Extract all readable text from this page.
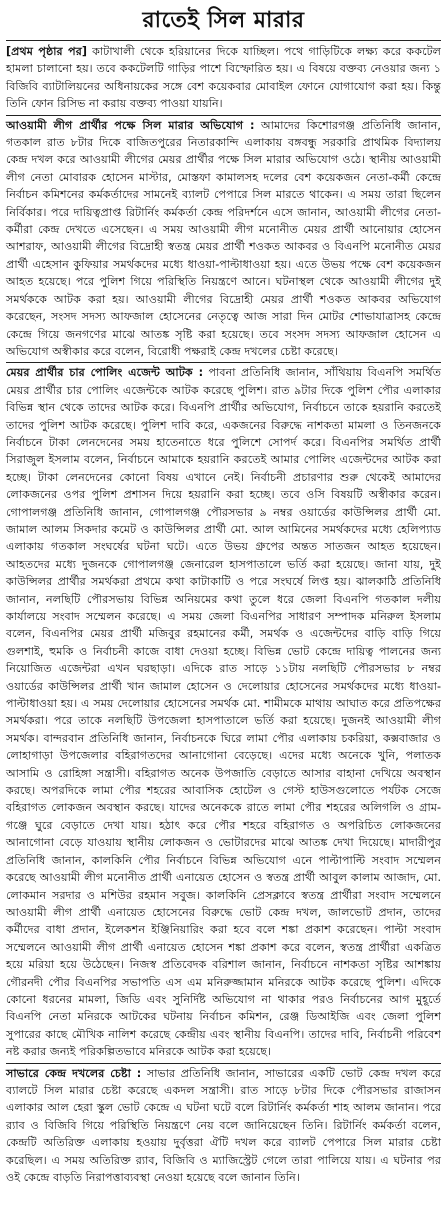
রাতেই সিল মারার

[প্রথম পৃষ্ঠার পর] কাটাখালী থেকে হরিয়ানের দিকে যাচ্ছিল। পথে গাড়িটিকে লক্ষ্য করে ককটেল হামলা চালানো হয়। তবে ককটেলটি গাড়ির পাশে বিস্ফোরিত হয়। এ বিষয়ে বক্তব্য নেওয়ার জন্য ১ বিজিবি ব্যাটালিয়নের অধিনায়কের সঙ্গে বেশ কয়েকবার মোবাইল ফোনে যোগাযোগ করা হয়। কিন্তু তিনি ফোন রিসিভ না করায় বক্তব্য পাওয়া যায়নি।

আওয়ামী লীগ প্রার্থীর পক্ষে সিল মারার অভিযোগ : আমাদের কিশোরগঞ্জ প্রতিনিধি জানান, গতকাল রাত ৮টার দিকে বাজিতপুরের নিতারকান্দি এলাকায় বঙ্গবন্ধু সরকারি প্রাথমিক বিদ্যালয় কেন্দ্র দখল করে আওয়ামী লীগের মেয়র প্রার্থীর পক্ষে সিল মারার অভিযোগ ওঠে। স্থানীয় আওয়ামী লীগ নেতা মোবারক হোসেন মাস্টার, মোস্তফা কামালসহ দলের বেশ কয়েকজন নেতা-কর্মী কেন্দ্রে নির্বাচন কমিশনের কর্মকর্তাদের সামনেই ব্যালট পেপারে সিল মারতে থাকেন। এ সময় তারা ছিলেন নির্বিকার। পরে দায়িত্বপ্রাপ্ত রিটার্নিং কর্মকর্তা কেন্দ্র পরিদর্শনে এসে জানান, আওয়ামী লীগের নেতা-কর্মীরা কেন্দ্র দেখতে এসেছেন। এ সময় আওয়ামী লীগ মনোনীত মেয়র প্রার্থী আনোয়ার হোসেন আশরাফ, আওয়ামী লীগের বিদ্রোহী স্বতন্ত্র মেয়র প্রার্থী শওকত আকবর ও বিএনপি মনোনীত মেয়র প্রার্থী এহেসান কুফিয়ার সমর্থকদের মধ্যে ধাওয়া-পাল্টাধাওয়া হয়। এতে উভয় পক্ষে বেশ কয়েকজন আহত হয়েছে। পরে পুলিশ গিয়ে পরিস্থিতি নিয়ন্ত্রণে আনে। ঘটনাস্থল থেকে আওয়ামী লীগের দুই সমর্থককে আটক করা হয়। আওয়ামী লীগের বিদ্রোহী মেয়র প্রার্থী শওকত আকবর অভিযোগ করেছেন, সংসদ সদস্য আফজাল হোসেনের নেতৃত্বে আজ সারা দিন মোটর শোভাযাত্রাসহ কেন্দ্রে কেন্দ্রে গিয়ে জনগণের মাঝে আতঙ্ক সৃষ্টি করা হয়েছে। তবে সংসদ সদস্য আফজাল হোসেন এ অভিযোগ অস্বীকার করে বলেন, বিরোধী পক্ষরাই কেন্দ্র দখলের চেষ্টা করেছে।

মেয়র প্রার্থীর চার পোলিং এজেন্ট আটক : পাবনা প্রতিনিধি জানান, সাঁথিয়ায় বিএনপি সমর্থিত মেয়র প্রার্থীর চার পোলিং এজেন্টকে আটক করেছে পুলিশ। রাত ৯টার দিকে পুলিশ পৌর এলাকার বিভিন্ন স্থান থেকে তাদের আটক করে। বিএনপি প্রার্থীর অভিযোগ, নির্বাচনে তাকে হয়রানি করতেই তাদের পুলিশ আটক করেছে। পুলিশ দাবি করে, একজনের বিরুদ্ধে নাশকতা মামলা ও তিনজনকে নির্বাচনে টাকা লেনদেনের সময় হাতেনাতে ধরে পুলিশে সোপর্দ করে। বিএনপির সমর্থিত প্রার্থী সিরাজুল ইসলাম বলেন, নির্বাচনে আমাকে হয়রানি করতেই আমার পোলিং এজেন্টদের আটক করা হচ্ছে। টাকা লেনদেনের কোনো বিষয় এখানে নেই। নির্বাচনী প্রচারণার শুরু থেকেই আমাদের লোকজনের ওপর পুলিশ প্রশাসন দিয়ে হয়রানি করা হচ্ছে। তবে ওসি বিষয়টি অস্বীকার করেন। গোপালগঞ্জ প্রতিনিধি জানান, গোপালগঞ্জ পৌরসভার ৯ নম্বর ওয়ার্ডের কাউন্সিলর প্রার্থী মো. জামাল আলম সিকদার কমেট ও কাউন্সিলর প্রার্থী মো. আল আমিনের সমর্থকদের মধ্যে হেলিপ্যাড এলাকায় গতকাল সংঘর্ষের ঘটনা ঘটে। এতে উভয় গ্রুপের অন্তত সাতজন আহত হয়েছেন। আহতদের মধ্যে দুজনকে গোপালগঞ্জ জেনারেল হাসপাতালে ভর্তি করা হয়েছে। জানা যায়, দুই কাউন্সিলর প্রার্থীর সমর্থকরা প্রথমে কথা কাটাকাটি ও পরে সংঘর্ষে লিপ্ত হয়। ঝালকাঠি প্রতিনিধি জানান, নলছিটি পৌরসভায় বিভিন্ন অনিয়মের কথা তুলে ধরে জেলা বিএনপি গতকাল দলীয় কার্যালয়ে সংবাদ সম্মেলন করেছে। এ সময় জেলা বিএনপির সাধারণ সম্পাদক মনিরুল ইসলাম বলেন, বিএনপির মেয়র প্রার্থী মজিবুর রহমানের কর্মী, সমর্থক ও এজেন্টদের বাড়ি বাড়ি গিয়ে গুলশাই, হুমকি ও নির্বাচনী কাজে বাধা দেওয়া হচ্ছে। বিভিন্ন ভোট কেন্দ্রে দায়িত্ব পালনের জন্য নিয়োজিত এজেন্টরা এখন ঘরছাড়া। এদিকে রাত সাড়ে ১১টায় নলছিটি পৌরসভার ৮ নম্বর ওয়ার্ডের কাউন্সিলর প্রার্থী খান জামাল হোসেন ও দেলোয়ার হোসেনের সমর্থকদের মধ্যে ধাওয়া-পাল্টাধাওয়া হয়। এ সময় দেলোয়ার হোসেনের সমর্থক মো. শামীমকে মাথায় আঘাত করে প্রতিপক্ষের সমর্থকরা। পরে তাকে নলছিটি উপজেলা হাসপাতালে ভর্তি করা হয়েছে। দুজনই আওয়ামী লীগ সমর্থক। বান্দরবান প্রতিনিধি জানান, নির্বাচনকে ঘিরে লামা পৌর এলাকায় চকরিয়া, কক্সবাজার ও লোহাগাড়া উপজেলার বহিরাগতদের আনাগোনা বেড়েছে। এদের মধ্যে অনেকে খুনি, পলাতক আসামি ও রোহিঙ্গা সন্ত্রাসী। বহিরাগত অনেক উপজাতি বেড়াতে আসার বাহানা দেখিয়ে অবস্থান করছে। অপরদিকে লামা পৌর শহরের আবাসিক হোটেল ও গেস্ট হাউসগুলোতে পর্যটক সেজে বহিরাগত লোকজন অবস্থান করছে। যাদের অনেককে রাতে লামা পৌর শহরের অলিগলি ও গ্রাম-গঞ্জে ঘুরে বেড়াতে দেখা যায়। হঠাৎ করে পৌর শহরে বহিরাগত ও অপরিচিত লোকজনের আনাগোনা বেড়ে যাওয়ায় স্থানীয় লোকজন ও ভোটারদের মাঝে আতঙ্ক দেখা দিয়েছে। মাদারীপুর প্রতিনিধি জানান, কালকিনি পৌর নির্বাচনে বিভিন্ন অভিযোগ এনে পাল্টাপাল্টি সংবাদ সম্মেলন করেছে আওয়ামী লীগ মনোনীত প্রার্থী এনায়েত হোসেন ও স্বতন্ত্র প্রার্থী আবুল কালাম আজাদ, মো. লোকমান সরদার ও মশিউর রহমান সবুজ। কালকিনি প্রেসক্লাবে স্বতন্ত্র প্রার্থীরা সংবাদ সম্মেলনে আওয়ামী লীগ প্রার্থী এনায়েত হোসেনের বিরুদ্ধে ভোট কেন্দ্র দখল, জালভোট প্রদান, তাদের কর্মীদের বাধা প্রদান, ইলেকশন ইঞ্জিনিয়ারিং করা হবে বলে শঙ্কা প্রকাশ করেছেন। পাল্টা সংবাদ সম্মেলনে আওয়ামী লীগ প্রার্থী এনায়েত হোসেন শঙ্কা প্রকাশ করে বলেন, স্বতন্ত্র প্রার্থীরা একত্রিত হয়ে মরিয়া হয়ে উঠেছেন। নিজস্ব প্রতিবেদক বরিশাল জানান, নির্বাচনে নাশকতা সৃষ্টির আশঙ্কায় গৌরনদী পৌর বিএনপির সভাপতি এস এম মনিরুজ্জামান মনিরকে আটক করেছে পুলিশ। এদিকে কোনো ধরনের মামলা, জিডি এবং সুনির্দিষ্ট অভিযোগ না থাকার পরও নির্বাচনের আগ মুহূর্তে বিএনপি নেতা মনিরকে আটকের ঘটনায় নির্বাচন কমিশন, রেঞ্জ ডিআইজি এবং জেলা পুলিশ সুপারের কাছে মৌখিক নালিশ করেছে কেন্দ্রীয় এবং স্থানীয় বিএনপি। তাদের দাবি, নির্বাচনী পরিবেশ নষ্ট করার জন্যই পরিকল্পিতভাবে মনিরকে আটক করা হয়েছে।

সাভারে কেন্দ্র দখলের চেষ্টা : সাভার প্রতিনিধি জানান, সাভারের একটি ভোট কেন্দ্র দখল করে ব্যালটে সিল মারার চেষ্টা করেছে একদল সন্ত্রাসী। রাত সাড়ে ৮টার দিকে পৌরসভার রাজাসন এলাকার আল হেরা স্কুল ভোট কেন্দ্রে এ ঘটনা ঘটে বলে রিটার্নিং কর্মকর্তা শাহ আলম জানান। পরে র‌্যাব ও বিজিবি গিয়ে পরিস্থিতি নিয়ন্ত্রণে নেয় বলে জানিয়েছেন তিনি। রিটার্নিং কর্মকর্তা বলেন, কেন্দ্রটি অতিরিক্ত এলাকায় হওয়ায় দুর্বৃত্তরা ঐটি দখল করে ব্যালট পেপারে সিল মারার চেষ্টা করেছিল। এ সময় অতিরিক্ত র‌্যাব, বিজিবি ও ম্যাজিস্ট্রেট গেলে তারা পালিয়ে যায়। এ ঘটনার পর ওই কেন্দ্রে বাড়তি নিরাপত্তাব্যবস্থা নেওয়া হয়েছে বলে জানান তিনি।
